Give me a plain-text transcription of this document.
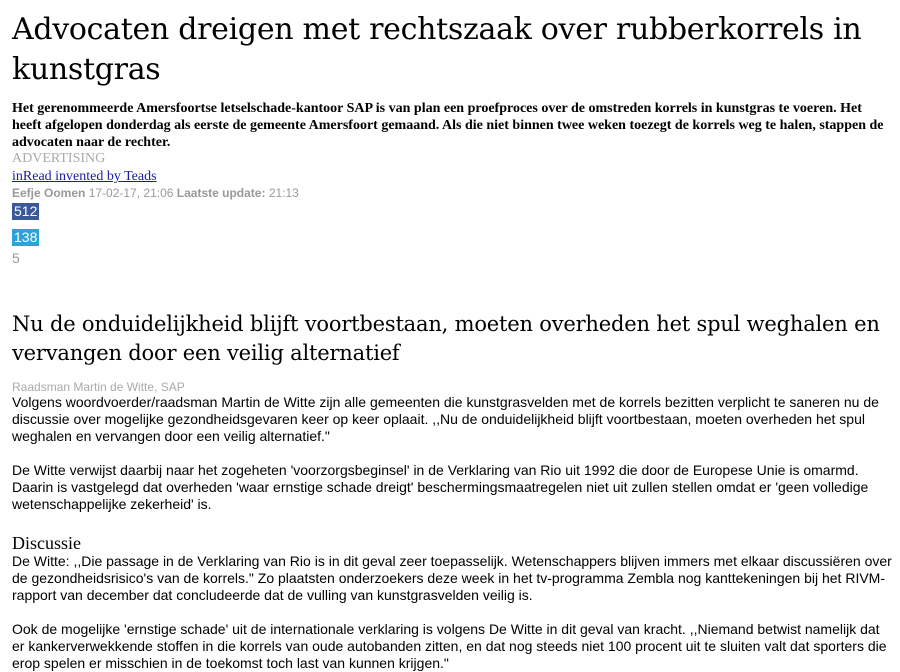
Advocaten dreigen met rechtszaak over rubberkorrels in kunstgras

Het gerenommeerde Amersfoortse letselschade-kantoor SAP is van plan een proefproces over de omstreden korrels in kunstgras te voeren. Het heeft afgelopen donderdag als eerste de gemeente Amersfoort gemaand. Als die niet binnen twee weken toezegt de korrels weg te halen, stappen de advocaten naar de rechter.

ADVERTISING
inRead invented by Teads
Eefje Oomen 17-02-17, 21:06 Laatste update: 21:13
512
138
5
Nu de onduidelijkheid blijft voortbestaan, moeten overheden het spul weghalen en vervangen door een veilig alternatief
Raadsman Martin de Witte, SAP

Volgens woordvoerder/raadsman Martin de Witte zijn alle gemeenten die kunstgrasvelden met de korrels bezitten verplicht te saneren nu de discussie over mogelijke gezondheidsgevaren keer op keer oplaait. ,,Nu de onduidelijkheid blijft voortbestaan, moeten overheden het spul weghalen en vervangen door een veilig alternatief."

De Witte verwijst daarbij naar het zogeheten 'voorzorgsbeginsel' in de Verklaring van Rio uit 1992 die door de Europese Unie is omarmd. Daarin is vastgelegd dat overheden 'waar ernstige schade dreigt' beschermingsmaatregelen niet uit zullen stellen omdat er 'geen volledige wetenschappelijke zekerheid' is.

Discussie

De Witte: ,,Die passage in de Verklaring van Rio is in dit geval zeer toepasselijk. Wetenschappers blijven immers met elkaar discussiëren over de gezondheidsrisico's van de korrels." Zo plaatsten onderzoekers deze week in het tv-programma Zembla nog kanttekeningen bij het RIVM-rapport van december dat concludeerde dat de vulling van kunstgrasvelden veilig is.

Ook de mogelijke 'ernstige schade' uit de internationale verklaring is volgens De Witte in dit geval van kracht. ,,Niemand betwist namelijk dat er kankerverwekkende stoffen in die korrels van oude autobanden zitten, en dat nog steeds niet 100 procent uit te sluiten valt dat sporters die erop spelen er misschien in de toekomst toch last van kunnen krijgen."
